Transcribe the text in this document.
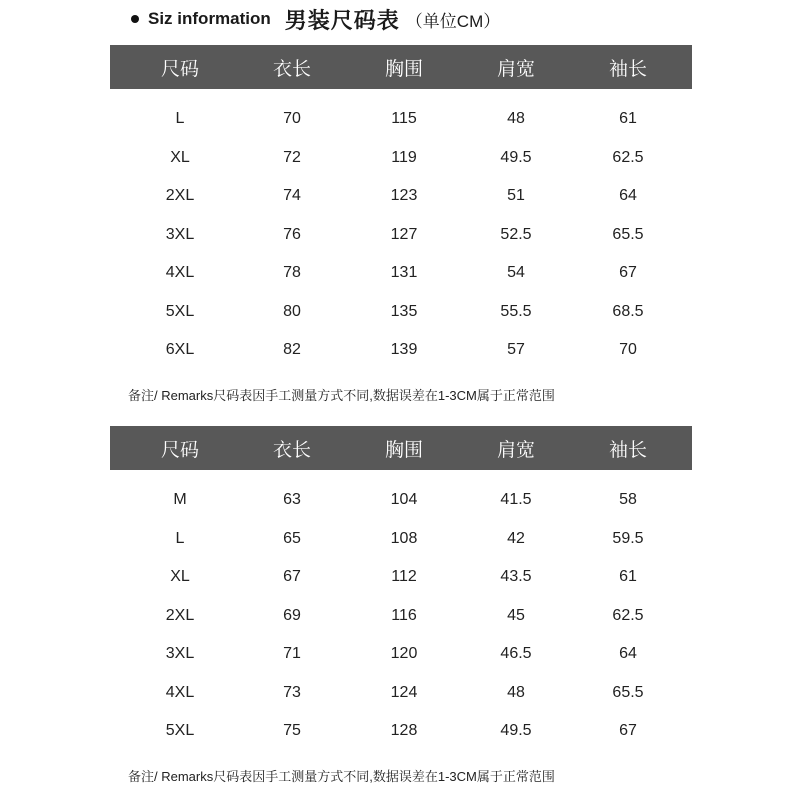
Siz information 男装尺码表 （单位CM）
尺码	衣长	胸围	肩宽	袖长
L	70	115	48	61
XL	72	119	49.5	62.5
2XL	74	123	51	64
3XL	76	127	52.5	65.5
4XL	78	131	54	67
5XL	80	135	55.5	68.5
6XL	82	139	57	70
备注/ Remarks尺码表因手工测量方式不同,数据误差在1-3CM属于正常范围
尺码	衣长	胸围	肩宽	袖长
M	63	104	41.5	58
L	65	108	42	59.5
XL	67	112	43.5	61
2XL	69	116	45	62.5
3XL	71	120	46.5	64
4XL	73	124	48	65.5
5XL	75	128	49.5	67
备注/ Remarks尺码表因手工测量方式不同,数据误差在1-3CM属于正常范围
